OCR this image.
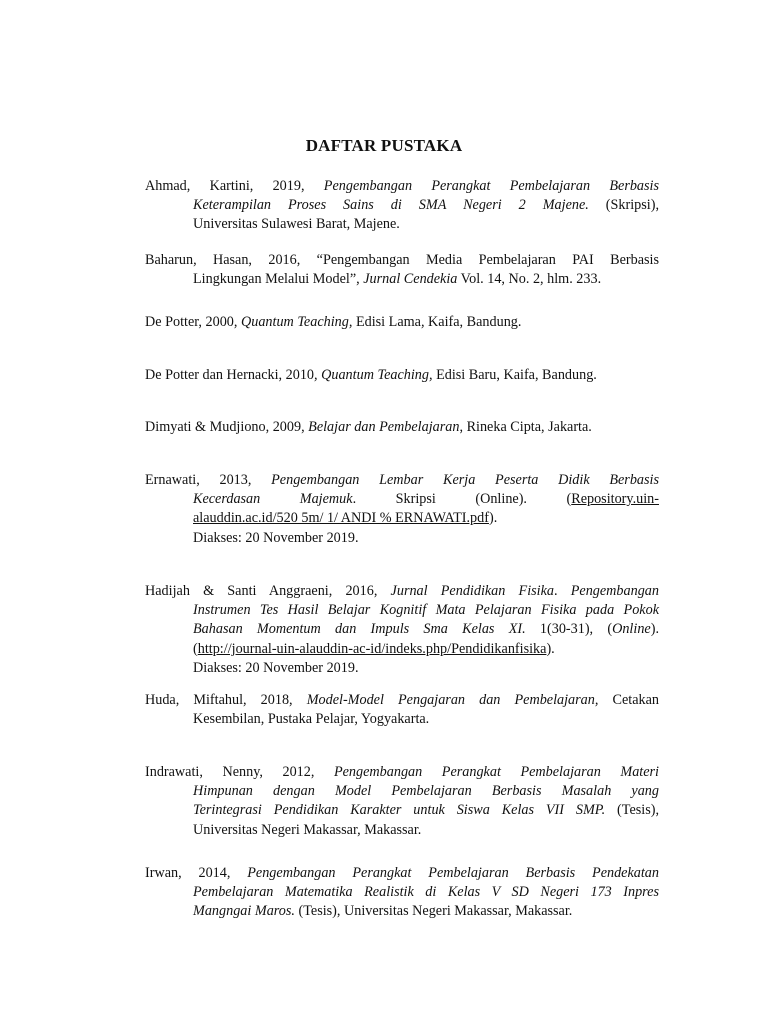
DAFTAR PUSTAKA
Ahmad, Kartini, 2019, Pengembangan Perangkat Pembelajaran Berbasis
Keterampilan Proses Sains di SMA Negeri 2 Majene. (Skripsi),
Universitas Sulawesi Barat, Majene.
Baharun, Hasan, 2016, “Pengembangan Media Pembelajaran PAI Berbasis
Lingkungan Melalui Model”, Jurnal Cendekia Vol. 14, No. 2, hlm. 233.
De Potter, 2000, Quantum Teaching, Edisi Lama, Kaifa, Bandung.
De Potter dan Hernacki, 2010, Quantum Teaching, Edisi Baru, Kaifa, Bandung.
Dimyati & Mudjiono, 2009, Belajar dan Pembelajaran, Rineka Cipta, Jakarta.
Ernawati, 2013, Pengembangan Lembar Kerja Peserta Didik Berbasis
Kecerdasan Majemuk. Skripsi (Online). (Repository.uin-
alauddin.ac.id/520 5m/ 1/ ANDI % ERNAWATI.pdf).
Diakses: 20 November 2019.
Hadijah & Santi Anggraeni, 2016, Jurnal Pendidikan Fisika. Pengembangan
Instrumen Tes Hasil Belajar Kognitif Mata Pelajaran Fisika pada Pokok
Bahasan Momentum dan Impuls Sma Kelas XI. 1(30-31), (Online).
(http://journal-uin-alauddin-ac-id/indeks.php/Pendidikanfisika).
Diakses: 20 November 2019.
Huda, Miftahul, 2018, Model-Model Pengajaran dan Pembelajaran, Cetakan
Kesembilan, Pustaka Pelajar, Yogyakarta.
Indrawati, Nenny, 2012, Pengembangan Perangkat Pembelajaran Materi
Himpunan dengan Model Pembelajaran Berbasis Masalah yang
Terintegrasi Pendidikan Karakter untuk Siswa Kelas VII SMP. (Tesis),
Universitas Negeri Makassar, Makassar.
Irwan, 2014, Pengembangan Perangkat Pembelajaran Berbasis Pendekatan
Pembelajaran Matematika Realistik di Kelas V SD Negeri 173 Inpres
Mangngai Maros. (Tesis), Universitas Negeri Makassar, Makassar.
